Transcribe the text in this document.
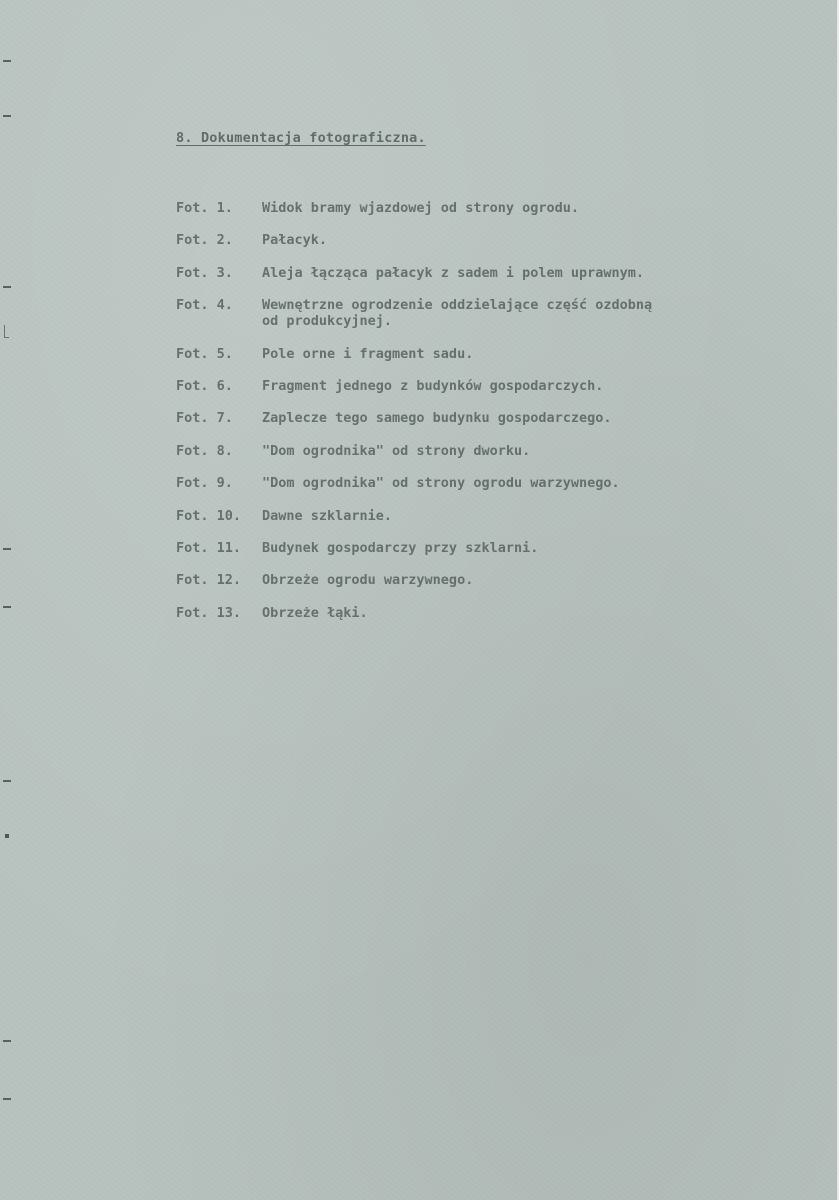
8. Dokumentacja fotograficzna.
Fot. 1.	Widok bramy wjazdowej od strony ogrodu.
Fot. 2.	Pałacyk.
Fot. 3.	Aleja łącząca pałacyk z sadem i polem uprawnym.
Fot. 4.	Wewnętrzne ogrodzenie oddzielające część ozdobną
od produkcyjnej.
Fot. 5.	Pole orne i fragment sadu.
Fot. 6.	Fragment jednego z budynków gospodarczych.
Fot. 7.	Zaplecze tego samego budynku gospodarczego.
Fot. 8.	"Dom ogrodnika" od strony dworku.
Fot. 9.	"Dom ogrodnika" od strony ogrodu warzywnego.
Fot. 10.	Dawne szklarnie.
Fot. 11.	Budynek gospodarczy przy szklarni.
Fot. 12.	Obrzeże ogrodu warzywnego.
Fot. 13.	Obrzeże łąki.
